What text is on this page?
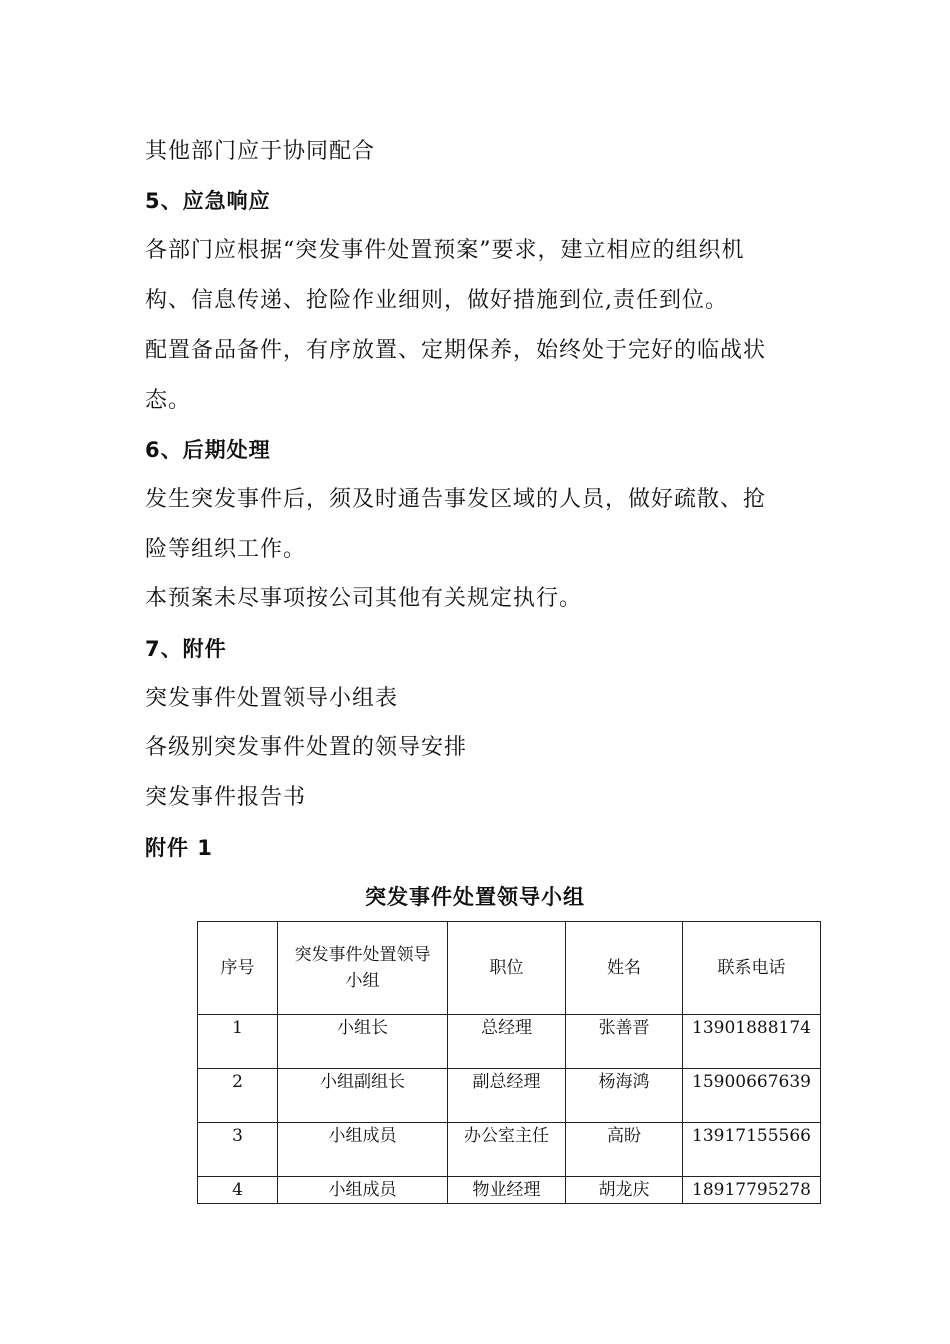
其他部门应于协同配合
5、应急响应
各部门应根据“突发事件处置预案”要求，建立相应的组织机
构、信息传递、抢险作业细则，做好措施到位,责任到位。
配置备品备件，有序放置、定期保养，始终处于完好的临战状
态。
6、后期处理
发生突发事件后，须及时通告事发区域的人员，做好疏散、抢
险等组织工作。
本预案未尽事项按公司其他有关规定执行。
7、附件
突发事件处置领导小组表
各级别突发事件处置的领导安排
突发事件报告书
附件 1
突发事件处置领导小组
序号	突发事件处置领导小组	职位	姓名	联系电话

1	小组长	总经理	张善晋	13901888174
2	小组副组长	副总经理	杨海鸿	15900667639
3	小组成员	办公室主任	高盼	13917155566
4	小组成员	物业经理	胡龙庆	18917795278
